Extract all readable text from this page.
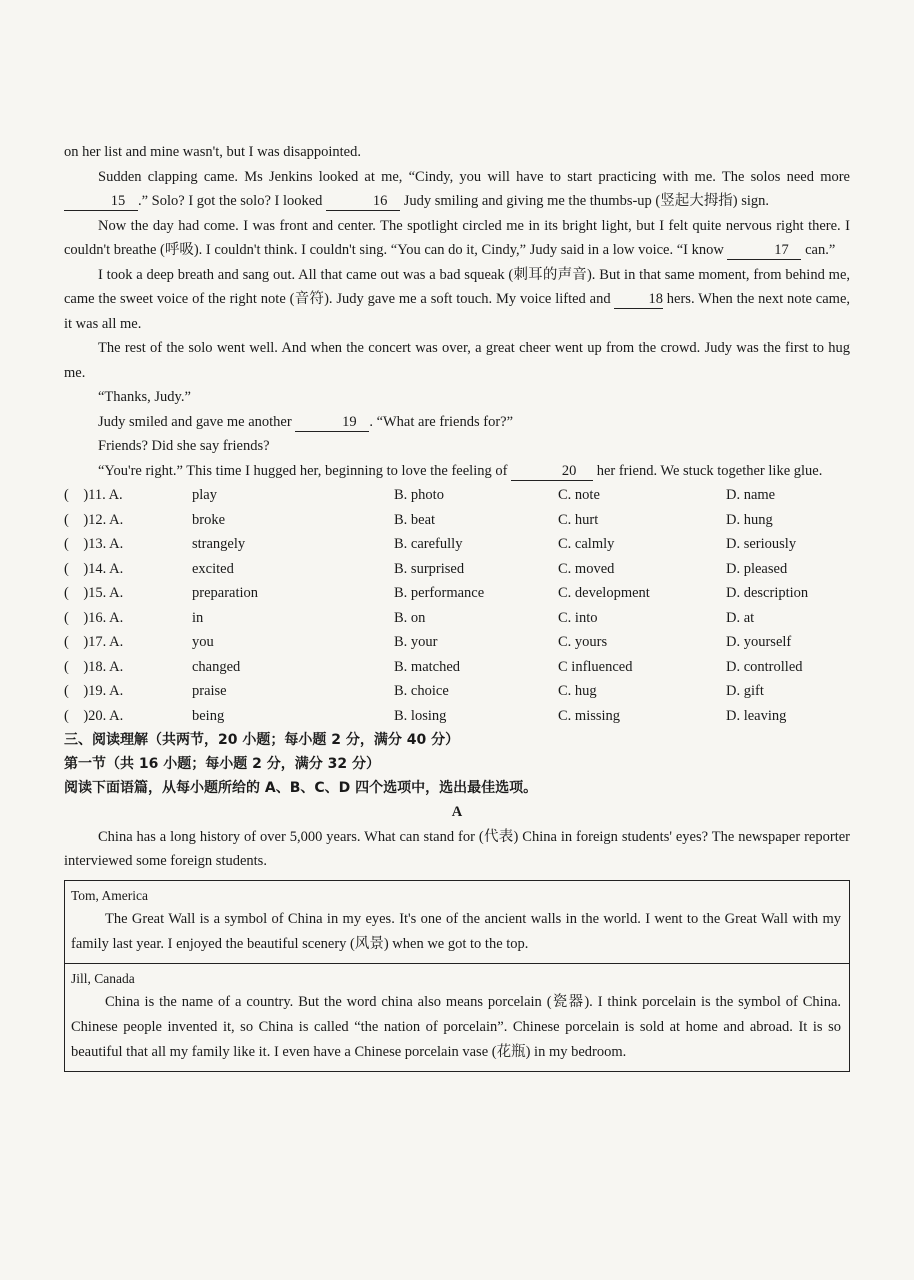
on her list and mine wasn't, but I was disappointed.

Sudden clapping came. Ms Jenkins looked at me, “Cindy, you will have to start practicing with me. The solos need more 15 .” Solo? I got the solo? I looked	16 Judy smiling and giving me the thumbs-up (竖起大拇指) sign.

Now the day had come. I was front and center. The spotlight circled me in its bright light, but I felt quite nervous right there. I couldn't breathe (呼吸). I couldn't think. I couldn't sing. “You can do it, Cindy,” Judy said in a low voice. “I know	17 can.”

I took a deep breath and sang out. All that came out was a bad squeak (刺耳的声音). But in that same moment, from behind me, came the sweet voice of the right note (音符). Judy gave me a soft touch. My voice lifted and 18 hers. When the next note came, it was all me.

The rest of the solo went well. And when the concert was over, a great cheer went up from the crowd. Judy was the first to hug me.

“Thanks, Judy.”

Judy smiled and gave me another	19 . “What are friends for?”

Friends? Did she say friends?

“You're right.” This time I hugged her, beginning to love the feeling of	20 her friend. We stuck together like glue.

(    )11. A.	play	B. photo	C. note	D. name
(    )12. A.	broke	B. beat	C. hurt	D. hung
(    )13. A.	strangely	B. carefully	C. calmly	D. seriously
(    )14. A.	excited	B. surprised	C. moved	D. pleased
(    )15. A.	preparation	B. performance	C. development	D. description
(    )16. A.	in	B. on	C. into	D. at
(    )17. A.	you	B. your	C. yours	D. yourself
(    )18. A.	changed	B. matched	C influenced	D. controlled
(    )19. A.	praise	B. choice	C. hug	D. gift
(    )20. A.	being	B. losing	C. missing	D. leaving

三、阅读理解（共两节，20 小题；每小题 2 分，满分 40 分）

第一节（共 16 小题；每小题 2 分，满分 32 分）

阅读下面语篇，从每小题所给的 A、B、C、D 四个选项中，选出最佳选项。

A

China has a long history of over 5,000 years. What can stand for (代表) China in foreign students' eyes? The newspaper reporter interviewed some foreign students.

Tom, America

The Great Wall is a symbol of China in my eyes. It's one of the ancient walls in the world. I went to the Great Wall with my family last year. I enjoyed the beautiful scenery (风景) when we got to the top.

Jill, Canada

China is the name of a country. But the word china also means porcelain (瓷器). I think porcelain is the symbol of China. Chinese people invented it, so China is called “the nation of porcelain”. Chinese porcelain is sold at home and abroad. It is so beautiful that all my family like it. I even have a Chinese porcelain vase (花瓶) in my bedroom.
